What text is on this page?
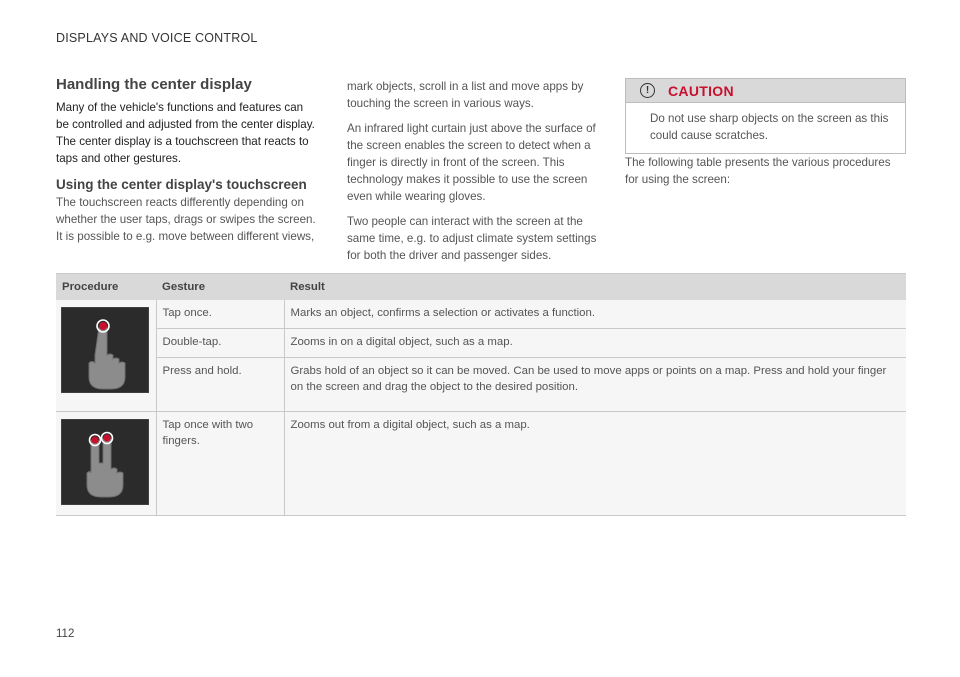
DISPLAYS AND VOICE CONTROL
Handling the center display

Many of the vehicle's functions and features can be controlled and adjusted from the center display. The center display is a touchscreen that reacts to taps and other gestures.

Using the center display's touchscreen

The touchscreen reacts differently depending on whether the user taps, drags or swipes the screen. It is possible to e.g. move between different views,

mark objects, scroll in a list and move apps by touching the screen in various ways.

An infrared light curtain just above the surface of the screen enables the screen to detect when a finger is directly in front of the screen. This technology makes it possible to use the screen even while wearing gloves.

Two people can interact with the screen at the same time, e.g. to adjust climate system settings for both the driver and passenger sides.

!	CAUTION
Do not use sharp objects on the screen as this could cause scratches.

The following table presents the various procedures for using the screen:

Procedure	Gesture	Result

	Tap once.	Marks an object, confirms a selection or activates a function.
	Double-tap.	Zooms in on a digital object, such as a map.
	Press and hold.	Grabs hold of an object so it can be moved. Can be used to move apps or points on a map. Press and hold your finger on the screen and drag the object to the desired position.

	Tap once with two fingers.	Zooms out from a digital object, such as a map.
112
